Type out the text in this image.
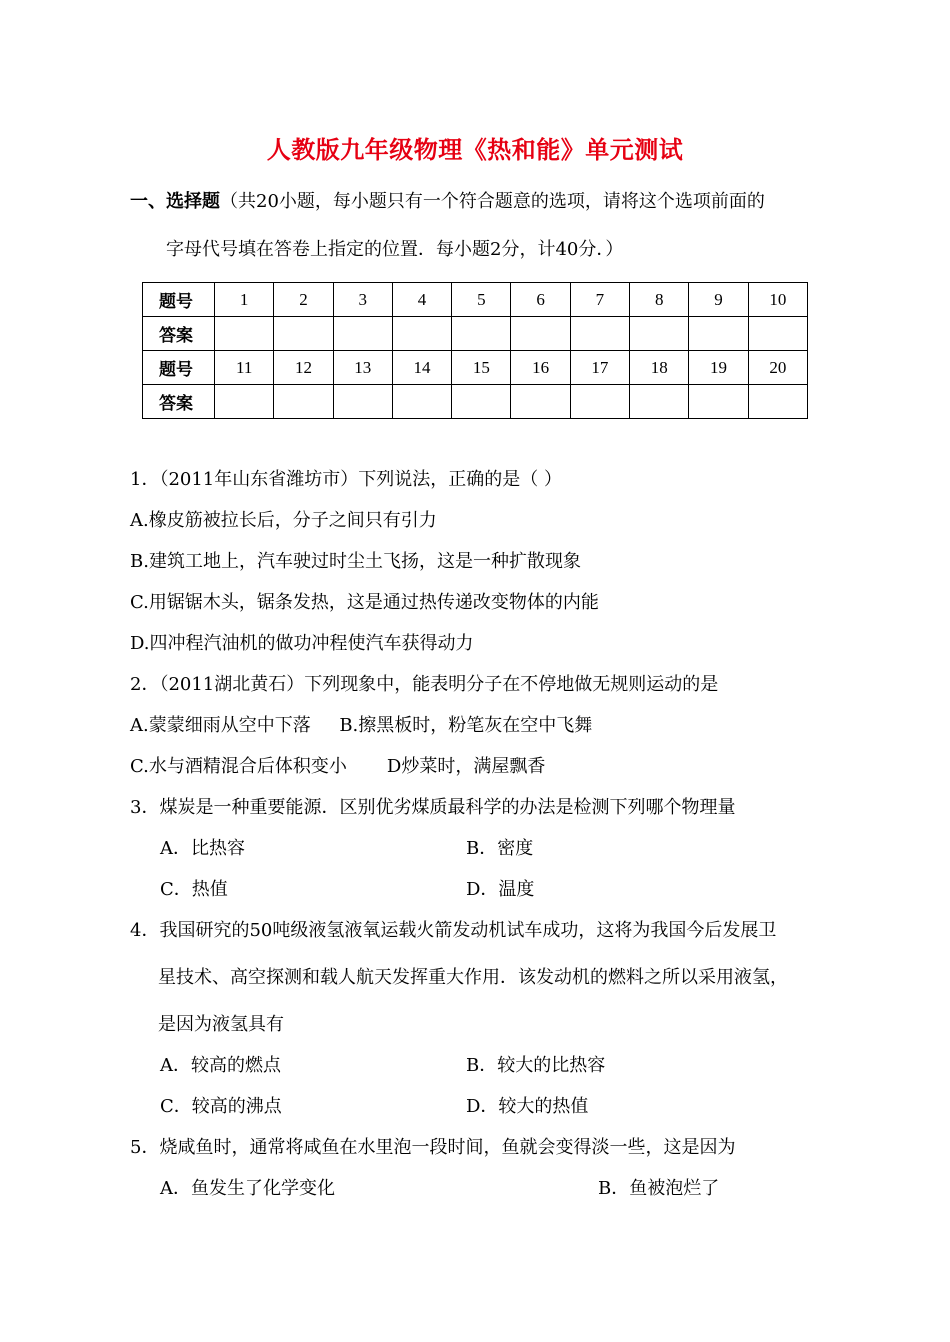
人教版九年级物理《热和能》单元测试
一、选择题（共20小题，每小题只有一个符合题意的选项，请将这个选项前面的
字母代号填在答卷上指定的位置．每小题2分，计40分．）
题号	1	2	3	4	5	6	7	8	9	10
答案										
题号	11	12	13	14	15	16	17	18	19	20
答案										
1．（2011年山东省潍坊市）下列说法，正确的是（ ）
A.橡皮筋被拉长后，分子之间只有引力
B.建筑工地上，汽车驶过时尘土飞扬，这是一种扩散现象
C.用锯锯木头，锯条发热，这是通过热传递改变物体的内能
D.四冲程汽油机的做功冲程使汽车获得动力
2．（2011湖北黄石）下列现象中，能表明分子在不停地做无规则运动的是
A.蒙蒙细雨从空中下落     B.擦黑板时，粉笔灰在空中飞舞
C.水与酒精混合后体积变小       D炒菜时，满屋飘香
3．煤炭是一种重要能源．区别优劣煤质最科学的办法是检测下列哪个物理量
A．比热容	B．密度
C．热值	D．温度
4．我国研究的50吨级液氢液氧运载火箭发动机试车成功，这将为我国今后发展卫
星技术、高空探测和载人航天发挥重大作用．该发动机的燃料之所以采用液氢，
是因为液氢具有
A．较高的燃点	B．较大的比热容
C．较高的沸点	D．较大的热值
5．烧咸鱼时，通常将咸鱼在水里泡一段时间，鱼就会变得淡一些，这是因为
A．鱼发生了化学变化	B．鱼被泡烂了
